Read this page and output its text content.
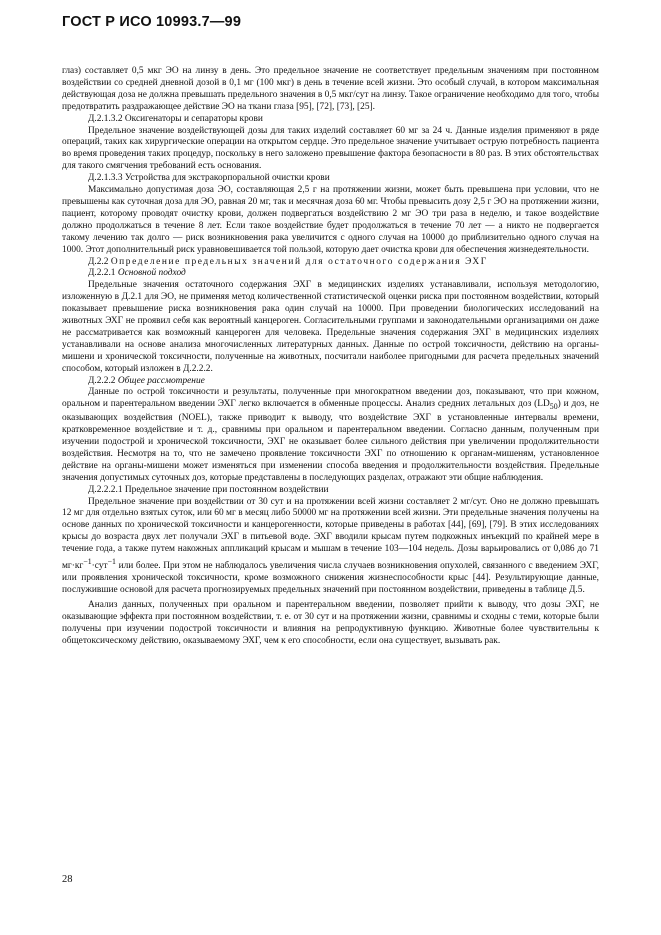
ГОСТ Р ИСО 10993.7—99

глаз) составляет 0,5 мкг ЭО на линзу в день. Это предельное значение не соответствует предельным значениям при постоянном воздействии со средней дневной дозой в 0,1 мг (100 мкг) в день в течение всей жизни. Это особый случай, в котором максимальная действующая доза не должна превышать предельного значения в 0,5 мкг/сут на линзу. Такое ограничение необходимо для того, чтобы предотвратить раздражающее действие ЭО на ткани глаза [95], [72], [73], [25].

Д.2.1.3.2 Оксигенаторы и сепараторы крови

Предельное значение воздействующей дозы для таких изделий составляет 60 мг за 24 ч. Данные изделия применяют в ряде операций, таких как хирургические операции на открытом сердце. Это предельное значение учитывает острую потребность пациента во время проведения таких процедур, поскольку в него заложено превышение фактора безопасности в 80 раз. В этих обстоятельствах для такого смягчения требований есть основания.

Д.2.1.3.3 Устройства для экстракорпоральной очистки крови

Максимально допустимая доза ЭО, составляющая 2,5 г на протяжении жизни, может быть превышена при условии, что не превышены как суточная доза для ЭО, равная 20 мг, так и месячная доза 60 мг. Чтобы превысить дозу 2,5 г ЭО на протяжении жизни, пациент, которому проводят очистку крови, должен подвергаться воздействию 2 мг ЭО три раза в неделю, и такое воздействие должно продолжаться в течение 8 лет. Если такое воздействие будет продолжаться в течение 70 лет — а никто не подвергается такому лечению так долго — риск возникновения рака увеличится с одного случая на 10000 до приблизительно одного случая на 1000. Этот дополнительный риск уравновешивается той пользой, которую дает очистка крови для обеспечения жизнедеятельности.

Д.2.2 Определение предельных значений для остаточного содержания ЭХГ
Д.2.2.1 Основной подход

Предельные значения остаточного содержания ЭХГ в медицинских изделиях устанавливали, используя методологию, изложенную в Д.2.1 для ЭО, не применяя метод количественной статистической оценки риска при постоянном воздействии, который показывает превышение риска возникновения рака один случай на 10000. При проведении биологических исследований на животных ЭХГ не проявил себя как вероятный канцероген. Согласительными группами и законодательными организациями он даже не рассматривается как возможный канцероген для человека. Предельные значения содержания ЭХГ в медицинских изделиях устанавливали на основе анализа многочисленных литературных данных. Данные по острой токсичности, действию на органы-мишени и хронической токсичности, полученные на животных, посчитали наиболее пригодными для расчета предельных значений способом, который изложен в Д.2.2.2.

Д.2.2.2 Общее рассмотрение

Данные по острой токсичности и результаты, полученные при многократном введении доз, показывают, что при кожном, оральном и парентеральном введении ЭХГ легко включается в обменные процессы. Анализ средних летальных доз $(LD_{50})$ и доз, не оказывающих воздействия (NOEL), также приводит к выводу, что воздействие ЭХГ в установленные интервалы времени, кратковременное воздействие и т. д., сравнимы при оральном и парентеральном введении. Согласно данным, полученным при изучении подострой и хронической токсичности, ЭХГ не оказывает более сильного действия при увеличении продолжительности воздействия. Несмотря на то, что не замечено проявление токсичности ЭХГ по отношению к органам-мишеням, установленное действие на органы-мишени может изменяться при изменении способа введения и продолжительности воздействия. Предельные значения допустимых суточных доз, которые представлены в последующих разделах, отражают эти общие наблюдения.

Д.2.2.2.1 Предельное значение при постоянном воздействии

Предельное значение при воздействии от 30 сут и на протяжении всей жизни составляет 2 мг/сут. Оно не должно превышать 12 мг для отдельно взятых суток, или 60 мг в месяц либо 50000 мг на протяжении всей жизни. Эти предельные значения получены на основе данных по хронической токсичности и канцерогенности, которые приведены в работах [44], [69], [79]. В этих исследованиях крысы до возраста двух лет получали ЭХГ в питьевой воде. ЭХГ вводили крысам путем подкожных инъекций по крайней мере в течение года, а также путем накожных аппликаций крысам и мышам в течение 103—104 недель. Дозы варьировались от 0,086 до 71 $мг\cdot кг^{-1}\cdot сут^{-1}$ или более. При этом не наблюдалось увеличения числа случаев возникновения опухолей, связанного с введением ЭХГ, или проявления хронической токсичности, кроме возможного снижения жизнеспособности крыс [44]. Результирующие данные, послужившие основой для расчета прогнозируемых предельных значений при постоянном воздействии, приведены в таблице Д.5.

Анализ данных, полученных при оральном и парентеральном введении, позволяет прийти к выводу, что дозы ЭХГ, не оказывающие эффекта при постоянном воздействии, т. е. от 30 сут и на протяжении жизни, сравнимы и сходны с теми, которые были получены при изучении подострой токсичности и влияния на репродуктивную функцию. Животные более чувствительны к общетоксическому действию, оказываемому ЭХГ, чем к его способности, если она существует, вызывать рак.

28
